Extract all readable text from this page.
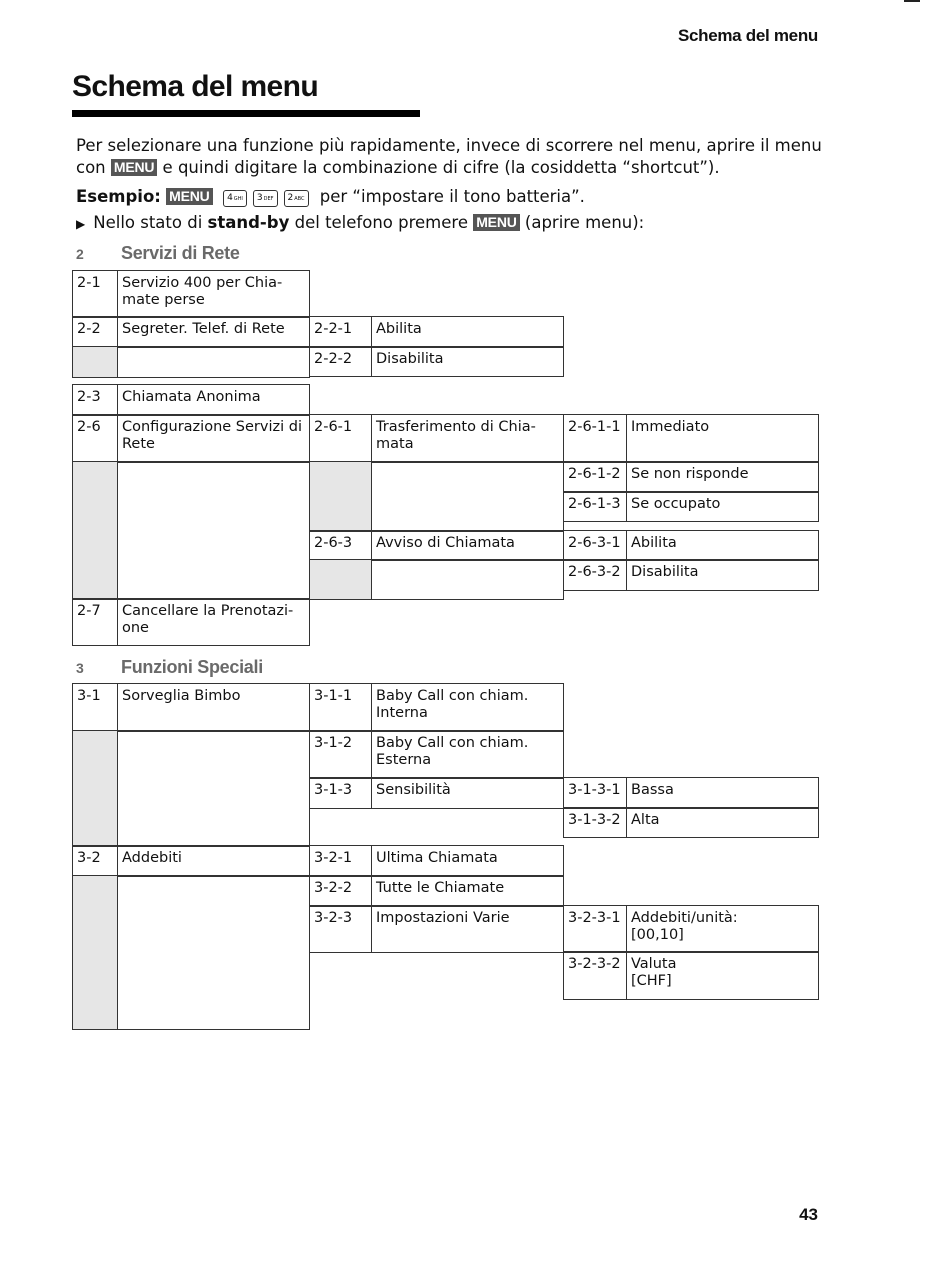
Schema del menu
Schema del menu
Per selezionare una funzione più rapidamente, invece di scorrere nel menu, aprire il menu
con MENU e quindi digitare la combinazione di cifre (la cosiddetta “shortcut”).
Esempio: MENU 4GHI 3DEF 2ABC per “impostare il tono batteria”.
▶ Nello stato di stand-by del telefono premere MENU (aprire menu):
2 Servizi di Rete
3 Funzioni Speciali
2-1	Servizio 400 per Chia-
mate perse
2-2	Segreter. Telef. di Rete	2-2-1	Abilita
2-2-2	Disabilita
2-3	Chiamata Anonima
2-6	Configurazione Servizi di
Rete
2-6-1	Trasferimento di Chia-
mata
2-6-1-1 Immediato
2-6-1-2 Se non risponde
2-6-1-3 Se occupato
2-6-3	Avviso di Chiamata	2-6-3-1 Abilita
2-6-3-2 Disabilita
2-7	Cancellare la Prenotazi-
one
3-1	Sorveglia Bimbo	3-1-1	Baby Call con chiam.
Interna
3-1-2	Baby Call con chiam.
Esterna
3-1-3	Sensibilità	3-1-3-1 Bassa
3-1-3-2 Alta
3-2	Addebiti	3-2-1	Ultima Chiamata
3-2-2	Tutte le Chiamate
3-2-3	Impostazioni Varie	3-2-3-1 Addebiti/unità:
[00,10]
3-2-3-2 Valuta
[CHF]
43
